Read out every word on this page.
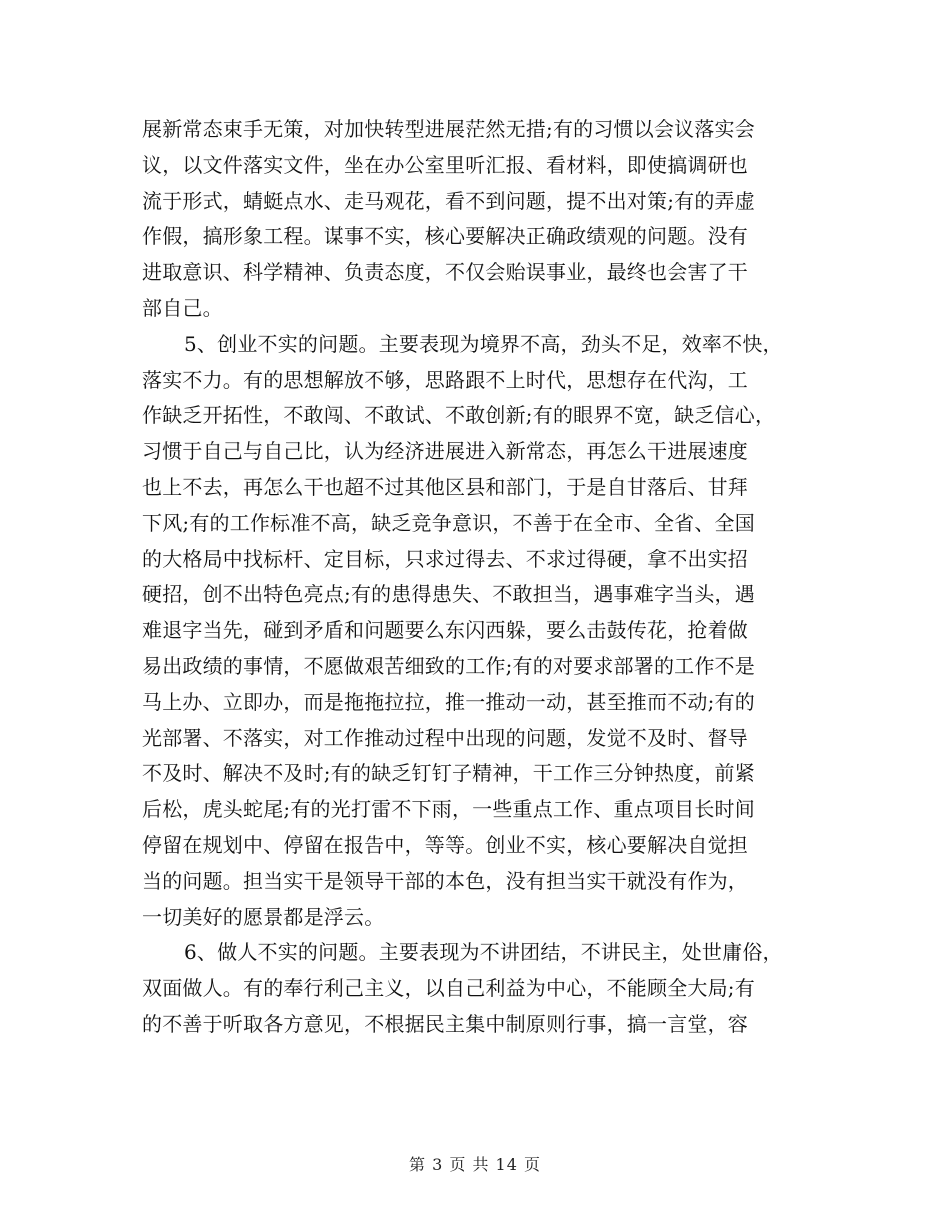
展新常态束手无策，对加快转型进展茫然无措;有的习惯以会议落实会
议，以文件落实文件，坐在办公室里听汇报、看材料，即使搞调研也
流于形式，蜻蜓点水、走马观花，看不到问题，提不出对策;有的弄虚
作假，搞形象工程。谋事不实，核心要解决正确政绩观的问题。没有
进取意识、科学精神、负责态度，不仅会贻误事业，最终也会害了干
部自己。
5、创业不实的问题。主要表现为境界不高，劲头不足，效率不快，
落实不力。有的思想解放不够，思路跟不上时代，思想存在代沟，工
作缺乏开拓性，不敢闯、不敢试、不敢创新;有的眼界不宽，缺乏信心，
习惯于自己与自己比，认为经济进展进入新常态，再怎么干进展速度
也上不去，再怎么干也超不过其他区县和部门，于是自甘落后、甘拜
下风;有的工作标准不高，缺乏竞争意识，不善于在全市、全省、全国
的大格局中找标杆、定目标，只求过得去、不求过得硬，拿不出实招
硬招，创不出特色亮点;有的患得患失、不敢担当，遇事难字当头，遇
难退字当先，碰到矛盾和问题要么东闪西躲，要么击鼓传花，抢着做
易出政绩的事情，不愿做艰苦细致的工作;有的对要求部署的工作不是
马上办、立即办，而是拖拖拉拉，推一推动一动，甚至推而不动;有的
光部署、不落实，对工作推动过程中出现的问题，发觉不及时、督导
不及时、解决不及时;有的缺乏钉钉子精神，干工作三分钟热度，前紧
后松，虎头蛇尾;有的光打雷不下雨，一些重点工作、重点项目长时间
停留在规划中、停留在报告中，等等。创业不实，核心要解决自觉担
当的问题。担当实干是领导干部的本色，没有担当实干就没有作为，
一切美好的愿景都是浮云。
6、做人不实的问题。主要表现为不讲团结，不讲民主，处世庸俗，
双面做人。有的奉行利己主义，以自己利益为中心，不能顾全大局;有
的不善于听取各方意见，不根据民主集中制原则行事，搞一言堂，容
第 3 页 共 14 页
